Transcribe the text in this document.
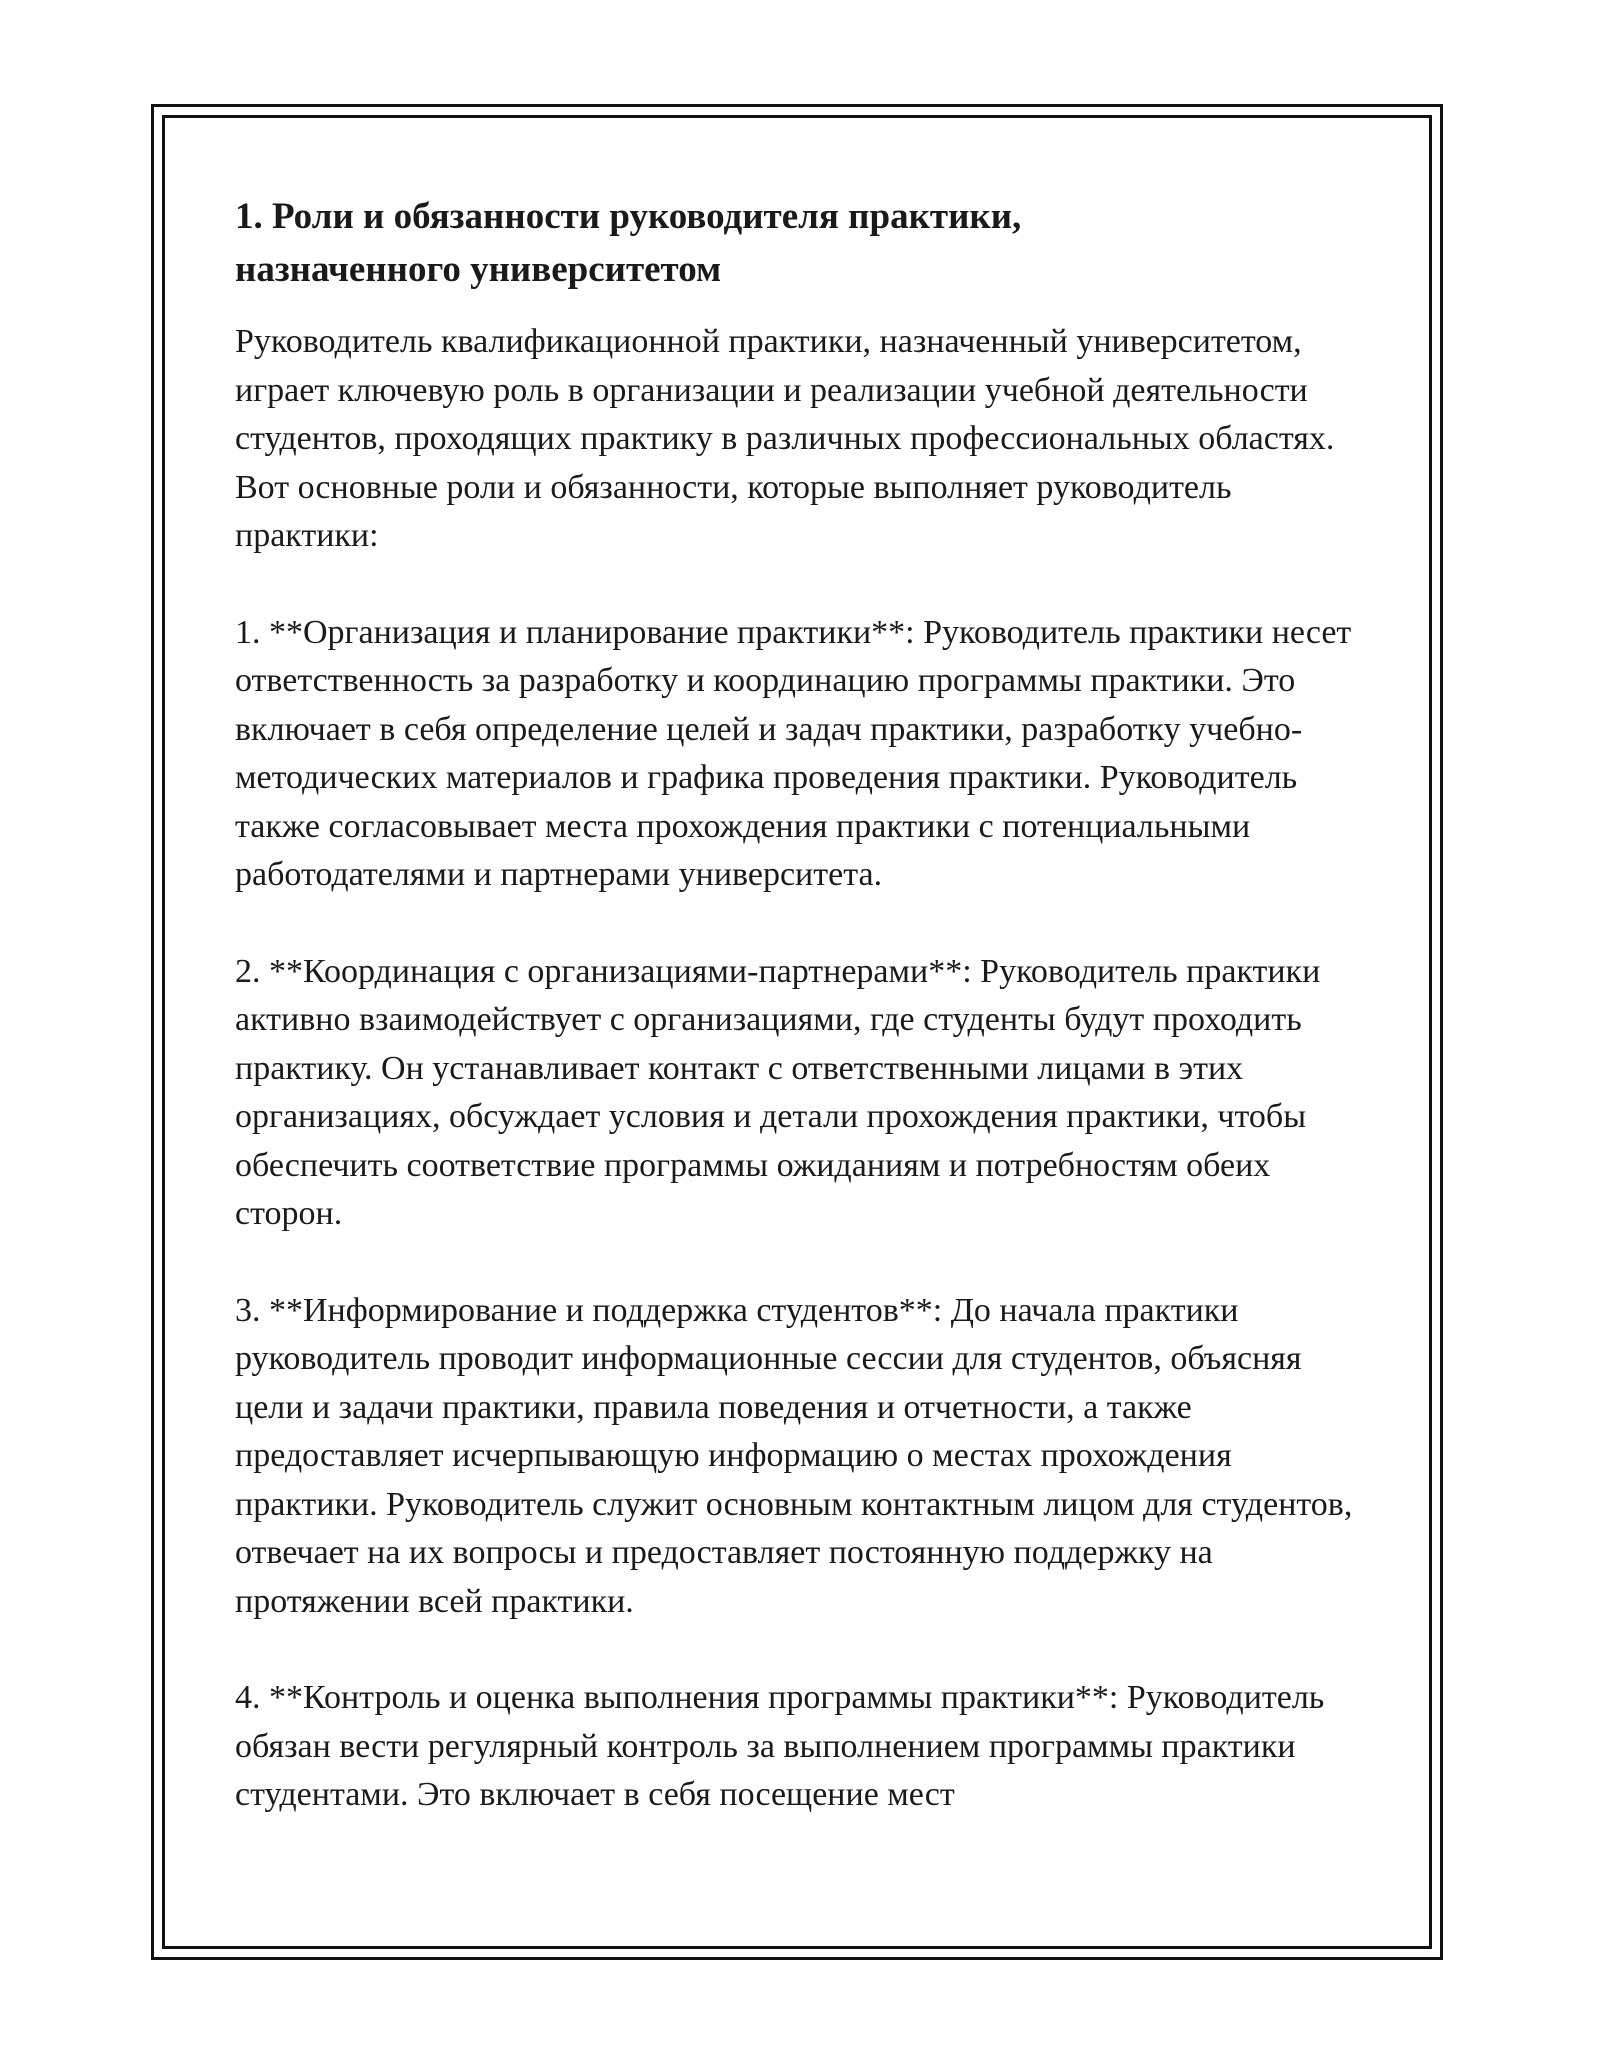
1. Роли и обязанности руководителя практики, назначенного университетом

Руководитель квалификационной практики, назначенный университетом, играет ключевую роль в организации и реализации учебной деятельности студентов, проходящих практику в различных профессиональных областях. Вот основные роли и обязанности, которые выполняет руководитель практики:

1. **Организация и планирование практики**: Руководитель практики несет ответственность за разработку и координацию программы практики. Это включает в себя определение целей и задач практики, разработку учебно-методических материалов и графика проведения практики. Руководитель также согласовывает места прохождения практики с потенциальными работодателями и партнерами университета.

2. **Координация с организациями-партнерами**: Руководитель практики активно взаимодействует с организациями, где студенты будут проходить практику. Он устанавливает контакт с ответственными лицами в этих организациях, обсуждает условия и детали прохождения практики, чтобы обеспечить соответствие программы ожиданиям и потребностям обеих сторон.

3. **Информирование и поддержка студентов**: До начала практики руководитель проводит информационные сессии для студентов, объясняя цели и задачи практики, правила поведения и отчетности, а также предоставляет исчерпывающую информацию о местах прохождения практики. Руководитель служит основным контактным лицом для студентов, отвечает на их вопросы и предоставляет постоянную поддержку на протяжении всей практики.

4. **Контроль и оценка выполнения программы практики**: Руководитель обязан вести регулярный контроль за выполнением программы практики студентами. Это включает в себя посещение мест
